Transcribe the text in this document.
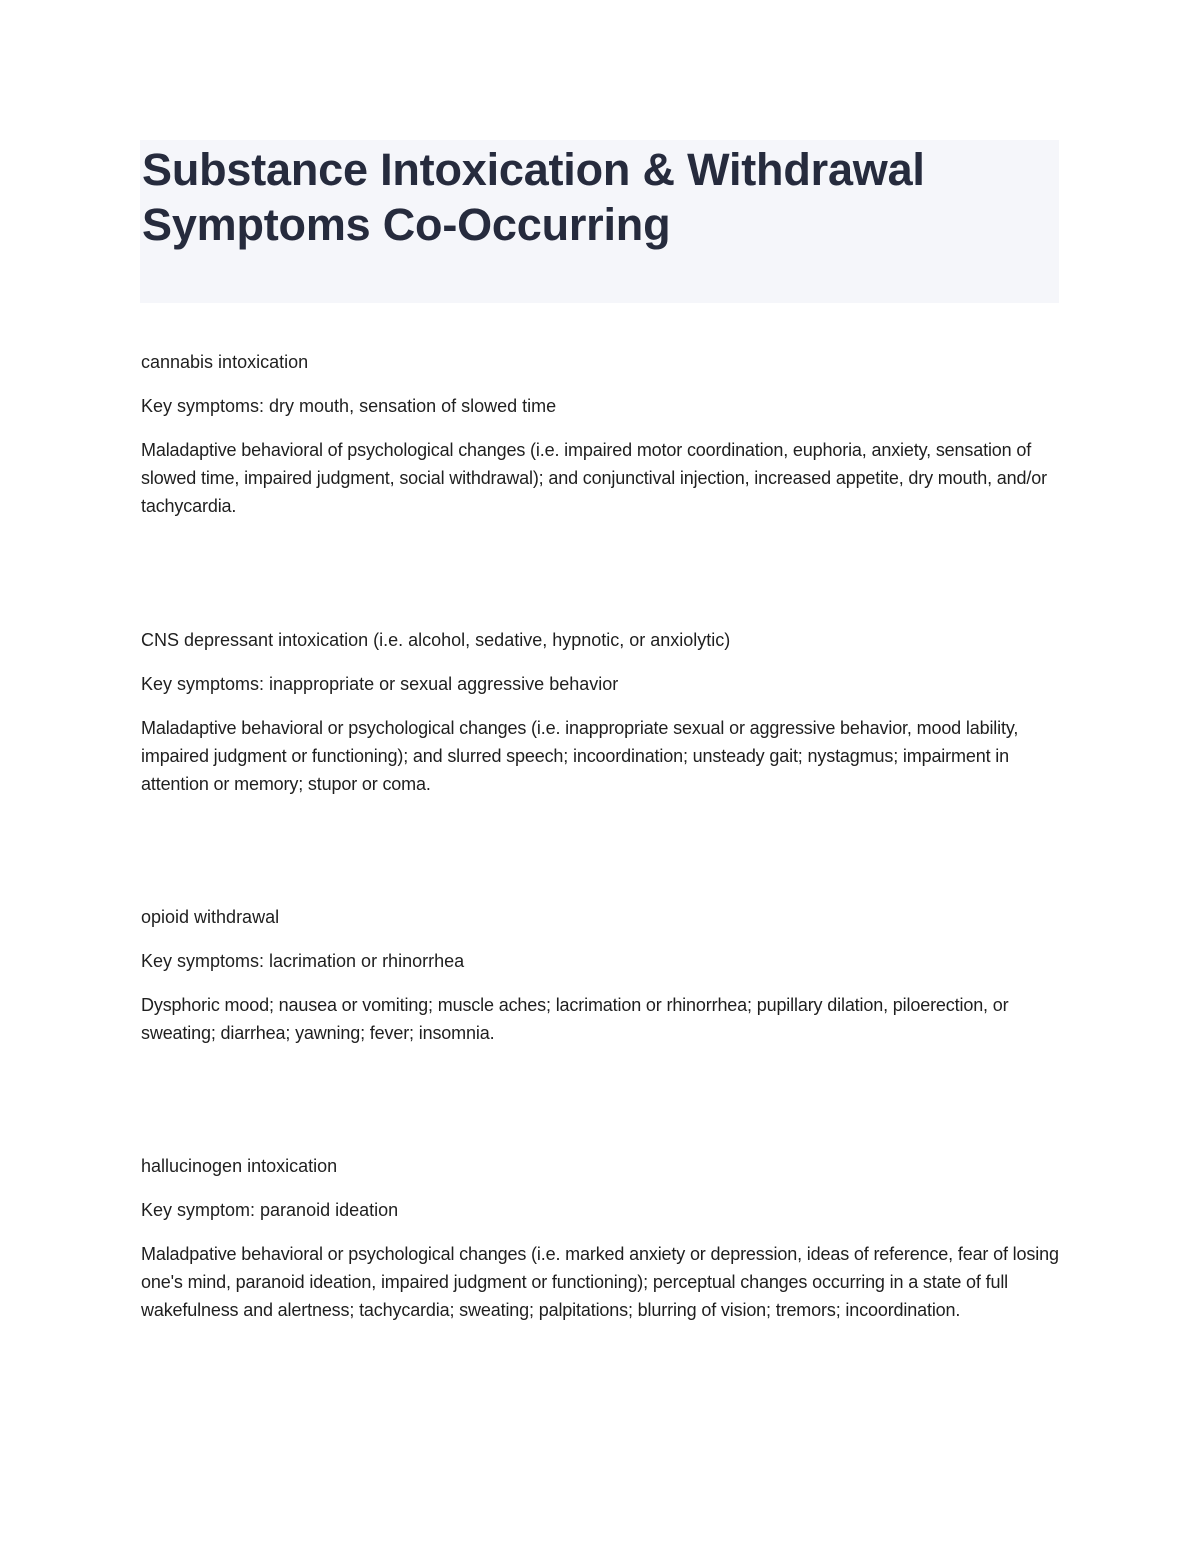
Substance Intoxication & Withdrawal Symptoms Co-Occurring

cannabis intoxication

Key symptoms: dry mouth, sensation of slowed time

Maladaptive behavioral of psychological changes (i.e. impaired motor coordination, euphoria, anxiety, sensation of slowed time, impaired judgment, social withdrawal); and conjunctival injection, increased appetite, dry mouth, and/or tachycardia.

CNS depressant intoxication (i.e. alcohol, sedative, hypnotic, or anxiolytic)

Key symptoms: inappropriate or sexual aggressive behavior

Maladaptive behavioral or psychological changes (i.e. inappropriate sexual or aggressive behavior, mood lability, impaired judgment or functioning); and slurred speech; incoordination; unsteady gait; nystagmus; impairment in attention or memory; stupor or coma.

opioid withdrawal

Key symptoms: lacrimation or rhinorrhea

Dysphoric mood; nausea or vomiting; muscle aches; lacrimation or rhinorrhea; pupillary dilation, piloerection, or sweating; diarrhea; yawning; fever; insomnia.

hallucinogen intoxication

Key symptom: paranoid ideation

Maladpative behavioral or psychological changes (i.e. marked anxiety or depression, ideas of reference, fear of losing one's mind, paranoid ideation, impaired judgment or functioning); perceptual changes occurring in a state of full wakefulness and alertness; tachycardia; sweating; palpitations; blurring of vision; tremors; incoordination.
